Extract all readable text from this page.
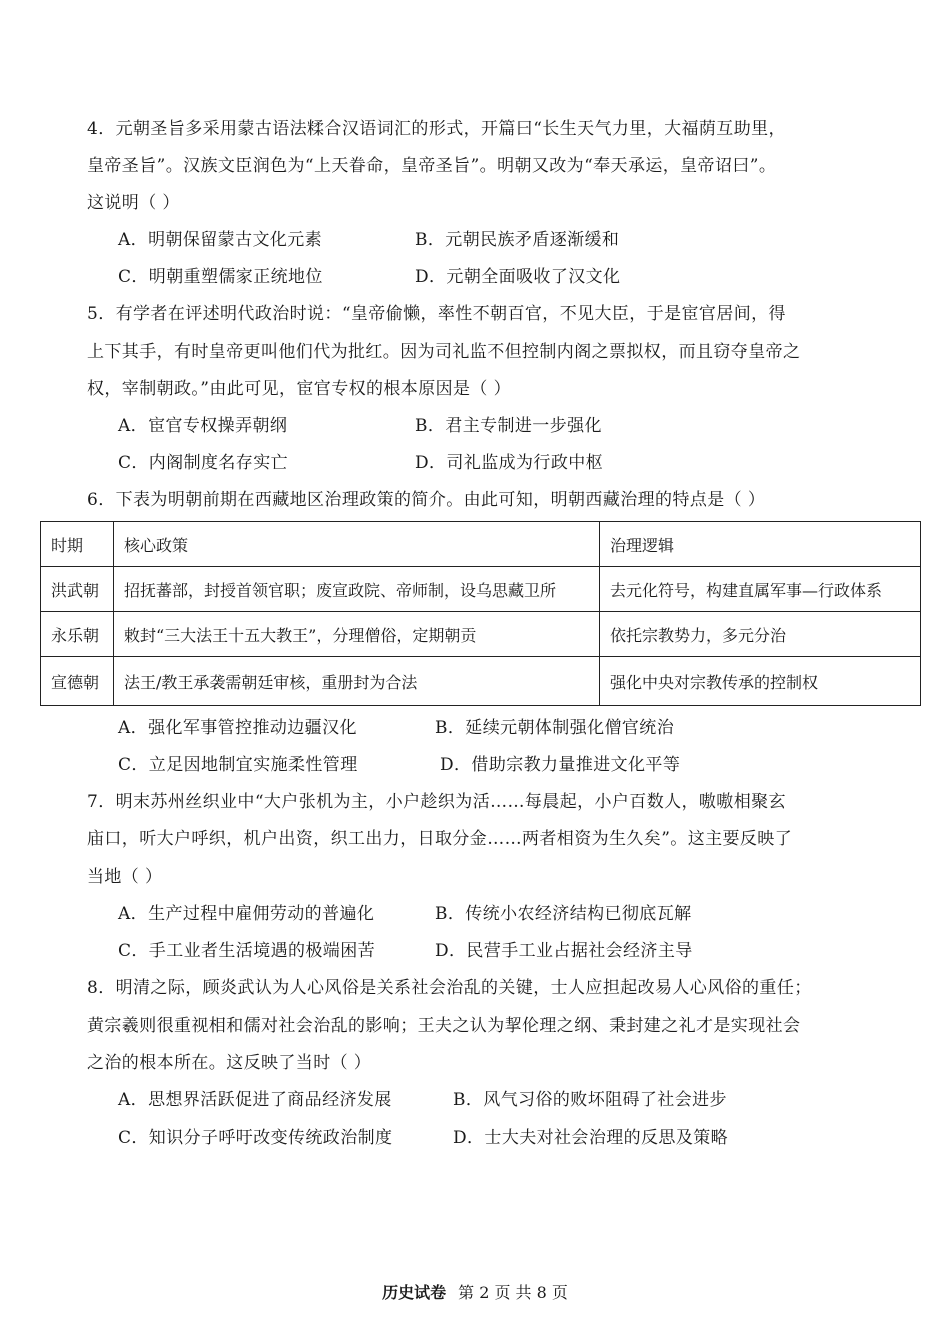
4．元朝圣旨多采用蒙古语法糅合汉语词汇的形式，开篇曰“长生天气力里，大福荫互助里，
皇帝圣旨”。汉族文臣润色为“上天眷命，皇帝圣旨”。明朝又改为“奉天承运，皇帝诏曰”。
这说明（ ）
A．明朝保留蒙古文化元素	B．元朝民族矛盾逐渐缓和
C．明朝重塑儒家正统地位	D．元朝全面吸收了汉文化
5．有学者在评述明代政治时说：“皇帝偷懒，率性不朝百官，不见大臣，于是宦官居间，得
上下其手，有时皇帝更叫他们代为批红。因为司礼监不但控制内阁之票拟权，而且窃夺皇帝之
权，宰制朝政。”由此可见，宦官专权的根本原因是（ ）
A．宦官专权操弄朝纲	B．君主专制进一步强化
C．内阁制度名存实亡	D．司礼监成为行政中枢
6．下表为明朝前期在西藏地区治理政策的简介。由此可知，明朝西藏治理的特点是（ ）
时期	核心政策	治理逻辑
洪武朝	招抚蕃部，封授首领官职；废宣政院、帝师制，设乌思藏卫所	去元化符号，构建直属军事—行政体系
永乐朝	敕封“三大法王十五大教王”，分理僧俗，定期朝贡	依托宗教势力，多元分治
宣德朝	法王/教王承袭需朝廷审核，重册封为合法	强化中央对宗教传承的控制权
A．强化军事管控推动边疆汉化	B．延续元朝体制强化僧官统治
C．立足因地制宜实施柔性管理	D．借助宗教力量推进文化平等
7．明末苏州丝织业中“大户张机为主，小户趁织为活……每晨起，小户百数人，嗷嗷相聚玄
庙口，听大户呼织，机户出资，织工出力，日取分金……两者相资为生久矣”。这主要反映了
当地（ ）
A．生产过程中雇佣劳动的普遍化	B．传统小农经济结构已彻底瓦解
C．手工业者生活境遇的极端困苦	D．民营手工业占据社会经济主导
8．明清之际，顾炎武认为人心风俗是关系社会治乱的关键，士人应担起改易人心风俗的重任；
黄宗羲则很重视相和儒对社会治乱的影响；王夫之认为挈伦理之纲、秉封建之礼才是实现社会
之治的根本所在。这反映了当时（ ）
A．思想界活跃促进了商品经济发展	B．风气习俗的败坏阻碍了社会进步
C．知识分子呼吁改变传统政治制度	D．士大夫对社会治理的反思及策略
历史试卷 第 2 页 共 8 页
